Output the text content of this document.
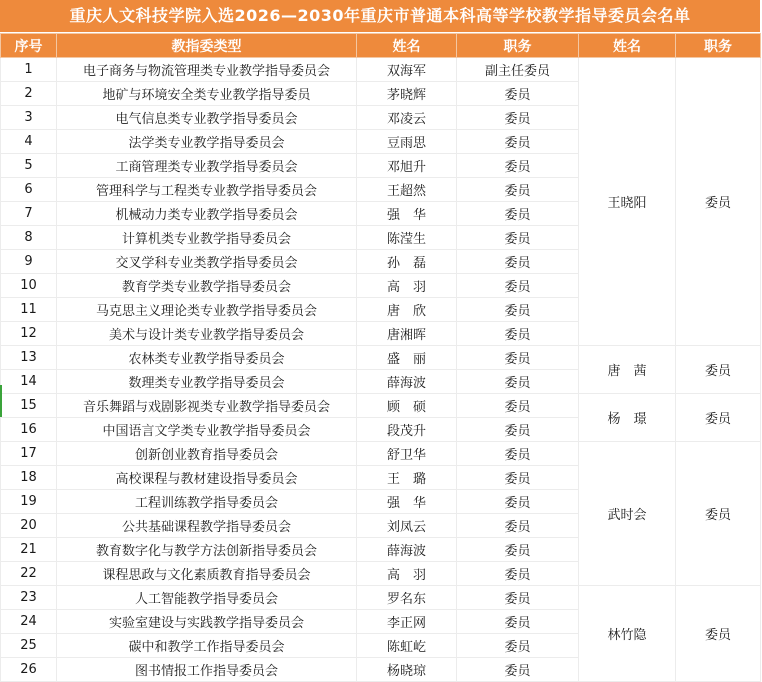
重庆人文科技学院入选2026—2030年重庆市普通本科高等学校教学指导委员会名单
序号	教指委类型	姓名	职务	姓名	职务
1	电子商务与物流管理类专业教学指导委员会	双海军	副主任委员	王晓阳	委员
2	地矿与环境安全类专业教学指导委员	茅晓辉	委员		
3	电气信息类专业教学指导委员会	邓凌云	委员		
4	法学类专业教学指导委员会	豆雨思	委员		
5	工商管理类专业教学指导委员会	邓旭升	委员		
6	管理科学与工程类专业教学指导委员会	王超然	委员		
7	机械动力类专业教学指导委员会	强　华	委员		
8	计算机类专业教学指导委员会	陈滢生	委员		
9	交叉学科专业类教学指导委员会	孙　磊	委员		
10	教育学类专业教学指导委员会	高　羽	委员		
11	马克思主义理论类专业教学指导委员会	唐　欣	委员		
12	美术与设计类专业教学指导委员会	唐湘晖	委员		
13	农林类专业教学指导委员会	盛　丽	委员	唐　茜	委员
14	数理类专业教学指导委员会	薛海波	委员		
15	音乐舞蹈与戏剧影视类专业教学指导委员会	顾　硕	委员	杨　璟	委员
16	中国语言文学类专业教学指导委员会	段茂升	委员		
17	创新创业教育指导委员会	舒卫华	委员	武时会	委员
18	高校课程与教材建设指导委员会	王　璐	委员		
19	工程训练教学指导委员会	强　华	委员		
20	公共基础课程教学指导委员会	刘凤云	委员		
21	教育数字化与教学方法创新指导委员会	薛海波	委员		
22	课程思政与文化素质教育指导委员会	高　羽	委员		
23	人工智能教学指导委员会	罗名东	委员	林竹隐	委员
24	实验室建设与实践教学指导委员会	李正网	委员		
25	碳中和教学工作指导委员会	陈虹屹	委员		
26	图书情报工作指导委员会	杨晓琼	委员		
